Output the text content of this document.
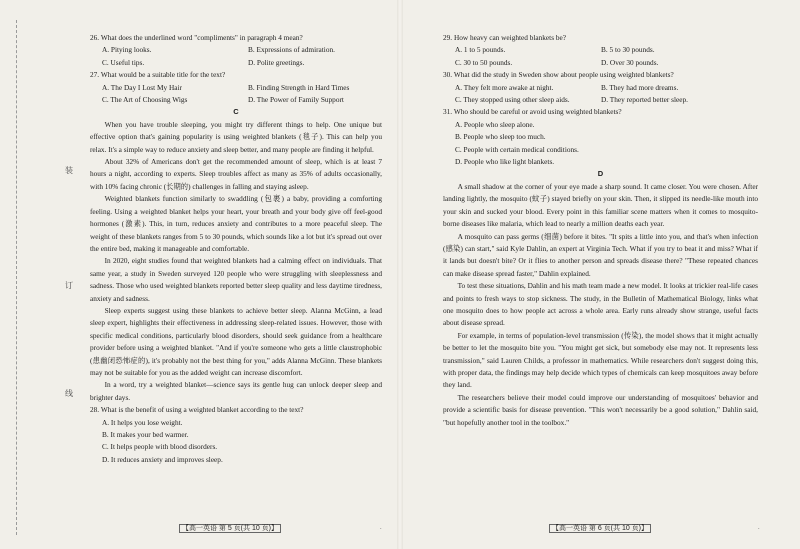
装
订
线

26. What does the underlined word "compliments" in paragraph 4 mean?

A. Pitying looks.	B. Expressions of admiration.
C. Useful tips.	D. Polite greetings.

27. What would be a suitable title for the text?

A. The Day I Lost My Hair	B. Finding Strength in Hard Times
C. The Art of Choosing Wigs	D. The Power of Family Support

C

When you have trouble sleeping, you might try different things to help. One unique but effective option that's gaining popularity is using weighted blankets (毯子). This can help you relax. It's a simple way to reduce anxiety and sleep better, and many people are finding it helpful.

About 32% of Americans don't get the recommended amount of sleep, which is at least 7 hours a night, according to experts. Sleep troubles affect as many as 35% of adults occasionally, with 10% facing chronic (长期的) challenges in falling and staying asleep.

Weighted blankets function similarly to swaddling (包裹) a baby, providing a comforting feeling. Using a weighted blanket helps your heart, your breath and your body give off feel-good hormones (激素). This, in turn, reduces anxiety and contributes to a more peaceful sleep. The weight of these blankets ranges from 5 to 30 pounds, which sounds like a lot but it's spread out over the entire bed, making it manageable and comfortable.

In 2020, eight studies found that weighted blankets had a calming effect on individuals. That same year, a study in Sweden surveyed 120 people who were struggling with sleeplessness and sadness. Those who used weighted blankets reported better sleep quality and less daytime tiredness, anxiety and sadness.

Sleep experts suggest using these blankets to achieve better sleep. Alanna McGinn, a lead sleep expert, highlights their effectiveness in addressing sleep-related issues. However, those with specific medical conditions, particularly blood disorders, should seek guidance from a healthcare provider before using a weighted blanket. "And if you're someone who gets a little claustrophobic (患幽闭恐怖症的), it's probably not the best thing for you," adds Alanna McGinn. These blankets may not be suitable for you as the added weight can increase discomfort.

In a word, try a weighted blanket—science says its gentle hug can unlock deeper sleep and brighter days.

28. What is the benefit of using a weighted blanket according to the text?

A. It helps you lose weight.
B. It makes your bed warmer.
C. It helps people with blood disorders.
D. It reduces anxiety and improves sleep.
【高一英语 第 5 页(共 10 页)】	·

29. How heavy can weighted blankets be?

A. 1 to 5 pounds.	B. 5 to 30 pounds.
C. 30 to 50 pounds.	D. Over 30 pounds.

30. What did the study in Sweden show about people using weighted blankets?

A. They felt more awake at night.	B. They had more dreams.
C. They stopped using other sleep aids.	D. They reported better sleep.

31. Who should be careful or avoid using weighted blankets?

A. People who sleep alone.
B. People who sleep too much.
C. People with certain medical conditions.
D. People who like light blankets.

D

A small shadow at the corner of your eye made a sharp sound. It came closer. You were chosen. After landing lightly, the mosquito (蚊子) stayed briefly on your skin. Then, it slipped its needle-like mouth into your skin and sucked your blood. Every point in this familiar scene matters when it comes to mosquito-borne diseases like malaria, which lead to nearly a million deaths each year.

A mosquito can pass germs (细菌) before it bites. "It spits a little into you, and that's when infection (感染) can start," said Kyle Dahlin, an expert at Virginia Tech. What if you try to beat it and miss? What if it lands but doesn't bite? Or it flies to another person and spreads disease there? "These repeated chances can make disease spread faster," Dahlin explained.

To test these situations, Dahlin and his math team made a new model. It looks at trickier real-life cases and points to fresh ways to stop sickness. The study, in the Bulletin of Mathematical Biology, links what one mosquito does to how people act across a whole area. Early runs already show strange, useful facts about disease spread.

For example, in terms of population-level transmission (传染), the model shows that it might actually be better to let the mosquito bite you. "You might get sick, but somebody else may not. It represents less transmission," said Lauren Childs, a professor in mathematics. While researchers don't suggest doing this, with proper data, the findings may help decide which types of chemicals can keep mosquitoes away before they land.

The researchers believe their model could improve our understanding of mosquitoes' behavior and provide a scientific basis for disease prevention. "This won't necessarily be a good solution," Dahlin said, "but hopefully another tool in the toolbox."

【高一英语 第 6 页(共 10 页)】	·
